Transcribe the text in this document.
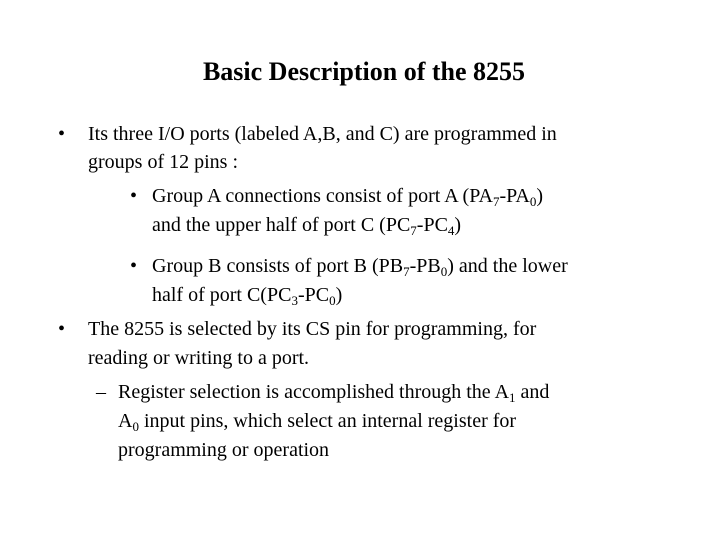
Basic Description of the 8255
• Its three I/O ports (labeled A,B, and C) are programmed in
groups of 12 pins :
• Group A connections consist of port A $(PA_7-PA_0)$
and the upper half of port C $(PC_7-PC_4)$
• Group B consists of port B $(PB_7-PB_0)$ and the lower
half of port $C(PC_3-PC_0)$
• The 8255 is selected by its CS pin for programming, for
reading or writing to a port.
– Register selection is accomplished through the $A_1$ and
$A_0$ input pins, which select an internal register for
programming or operation
